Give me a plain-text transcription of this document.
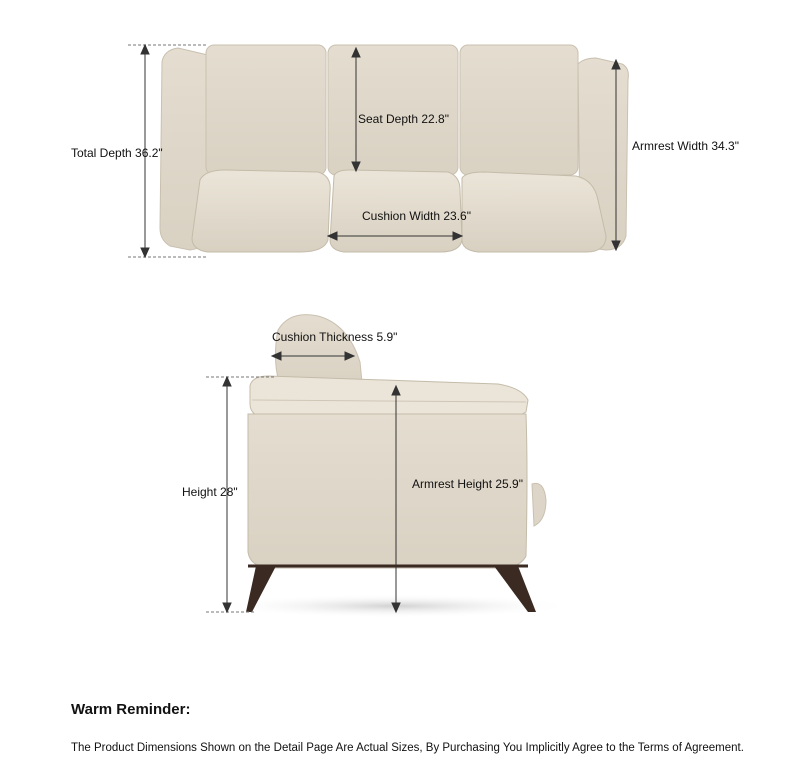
Total Depth 36.2"
Seat Depth 22.8"
Armrest Width 34.3"
Cushion Width 23.6"
Cushion Thickness 5.9"
Height 28"
Armrest Height 25.9"
Warm Reminder:
The Product Dimensions Shown on the Detail Page Are Actual Sizes, By Purchasing You Implicitly Agree to the Terms of Agreement.
